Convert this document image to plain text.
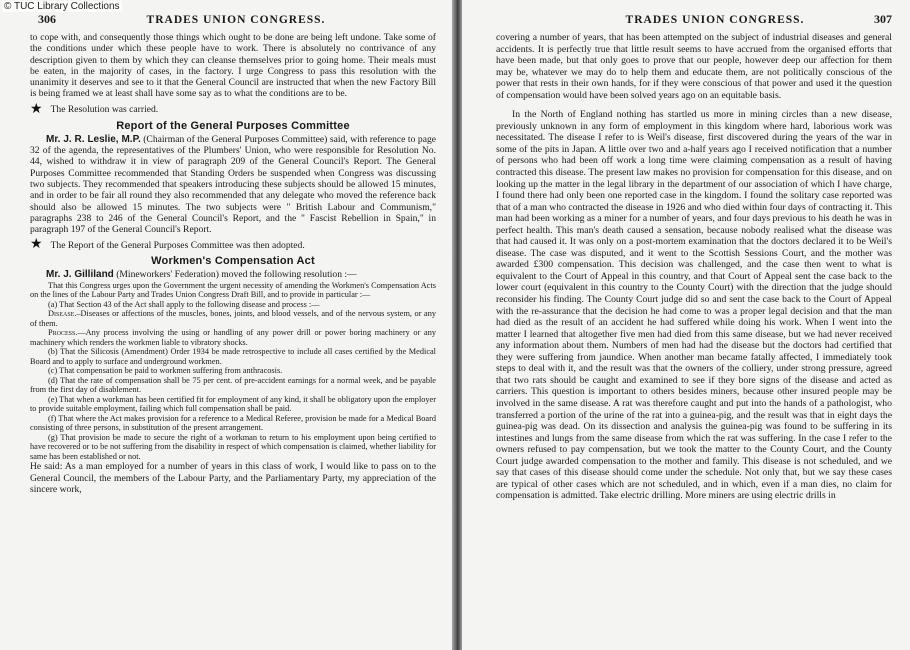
© TUC Library Collections
306	TRADES UNION CONGRESS.

to cope with, and consequently those things which ought to be done are being left undone. Take some of the conditions under which these people have to work. There is absolutely no contrivance of any description given to them by which they can cleanse themselves prior to going home. Their meals must be eaten, in the majority of cases, in the factory. I urge Congress to pass this resolution with the unanimity it deserves and see to it that the General Council are instructed that when the new Factory Bill is being framed we at least shall have some say as to what the conditions are to be.

★ The Resolution was carried.

Report of the General Purposes Committee

Mr. J. R. Leslie, M.P. (Chairman of the General Purposes Committee) said, with reference to page 32 of the agenda, the representatives of the Plumbers' Union, who were responsible for Resolution No. 44, wished to withdraw it in view of paragraph 209 of the General Council's Report. The General Purposes Committee recommended that Standing Orders be suspended when Congress was discussing two subjects. They recommended that speakers introducing these subjects should be allowed 15 minutes, and in order to be fair all round they also recommended that any delegate who moved the reference back should also be allowed 15 minutes. The two subjects were " British Labour and Communism," paragraphs 238 to 246 of the General Council's Report, and the " Fascist Rebellion in Spain," in paragraph 197 of the General Council's Report.

★ The Report of the General Purposes Committee was then adopted.

Workmen's Compensation Act

Mr. J. Gilliland (Mineworkers' Federation) moved the following resolution :—

That this Congress urges upon the Government the urgent necessity of amending the Workmen's Compensation Acts on the lines of the Labour Party and Trades Union Congress Draft Bill, and to provide in particular :—

(a) That Section 43 of the Act shall apply to the following disease and process :—

Disease.–Diseases or affections of the muscles, bones, joints, and blood vessels, and of the nervous system, or any of them.

Process.—Any process involving the using or handling of any power drill or power boring machinery or any machinery which renders the workmen liable to vibratory shocks.

(b) That the Silicosis (Amendment) Order 1934 be made retrospective to include all cases certified by the Medical Board and to apply to surface and underground workmen.

(c) That compensation be paid to workmen suffering from anthracosis.

(d) That the rate of compensation shall be 75 per cent. of pre-accident earnings for a normal week, and be payable from the first day of disablement.

(e) That when a workman has been certified fit for employment of any kind, it shall be obligatory upon the employer to provide suitable employment, failing which full compensation shall be paid.

(f) That where the Act makes provision for a reference to a Medical Referee, provision be made for a Medical Board consisting of three persons, in substitution of the present arrangement.

(g) That provision be made to secure the right of a workman to return to his employment upon being certified to have recovered or to be not suffering from the disability in respect of which compensation is claimed, whether liability for same has been established or not.

He said: As a man employed for a number of years in this class of work, I would like to pass on to the General Council, the members of the Labour Party, and the Parliamentary Party, my appreciation of the sincere work,

TRADES UNION CONGRESS.	307

covering a number of years, that has been attempted on the subject of industrial diseases and general accidents. It is perfectly true that little result seems to have accrued from the organised efforts that have been made, but that only goes to prove that our people, however deep our affection for them may be, whatever we may do to help them and educate them, are not politically conscious of the power that rests in their own hands, for if they were conscious of that power and used it the question of compensation would have been solved years ago on an equitable basis.

In the North of England nothing has startled us more in mining circles than a new disease, previously unknown in any form of employment in this kingdom where hard, laborious work was necessitated. The disease I refer to is Weil's disease, first discovered during the years of the war in some of the pits in Japan. A little over two and a-half years ago I received notification that a number of persons who had been off work a long time were claiming compensation as a result of having contracted this disease. The present law makes no provision for compensation for this disease, and on looking up the matter in the legal library in the department of our association of which I have charge, I found there had only been one reported case in the kingdom. I found the solitary case reported was that of a man who contracted the disease in 1926 and who died within four days of contracting it. This man had been working as a miner for a number of years, and four days previous to his death he was in perfect health. This man's death caused a sensation, because nobody realised what the disease was that had caused it. It was only on a post-mortem examination that the doctors declared it to be Weil's disease. The case was disputed, and it went to the Scottish Sessions Court, and the mother was awarded £300 compensation. This decision was challenged, and the case then went to what is equivalent to the Court of Appeal in this country, and that Court of Appeal sent the case back to the lower court (equivalent in this country to the County Court) with the direction that the judge should reconsider his finding. The County Court judge did so and sent the case back to the Court of Appeal with the re-assurance that the decision he had come to was a proper legal decision and that the man had died as the result of an accident he had suffered while doing his work. When I went into the matter I learned that altogether five men had died from this same disease, but we had never received any information about them. Numbers of men had had the disease but the doctors had certified that they were suffering from jaundice. When another man became fatally affected, I immediately took steps to deal with it, and the result was that the owners of the colliery, under strong pressure, agreed that two rats should be caught and examined to see if they bore signs of the disease and acted as carriers. This question is important to others besides miners, because other insured people may be involved in the same disease. A rat was therefore caught and put into the hands of a pathologist, who transferred a portion of the urine of the rat into a guinea-pig, and the result was that in eight days the guinea-pig was dead. On its dissection and analysis the guinea-pig was found to be suffering in its intestines and lungs from the same disease from which the rat was suffering. In the case I refer to the owners refused to pay compensation, but we took the matter to the County Court, and the County Court judge awarded compensation to the mother and family. This disease is not scheduled, and we say that cases of this disease should come under the schedule. Not only that, but we say these cases are typical of other cases which are not scheduled, and in which, even if a man dies, no claim for compensation is admitted. Take electric drilling. More miners are using electric drills in
